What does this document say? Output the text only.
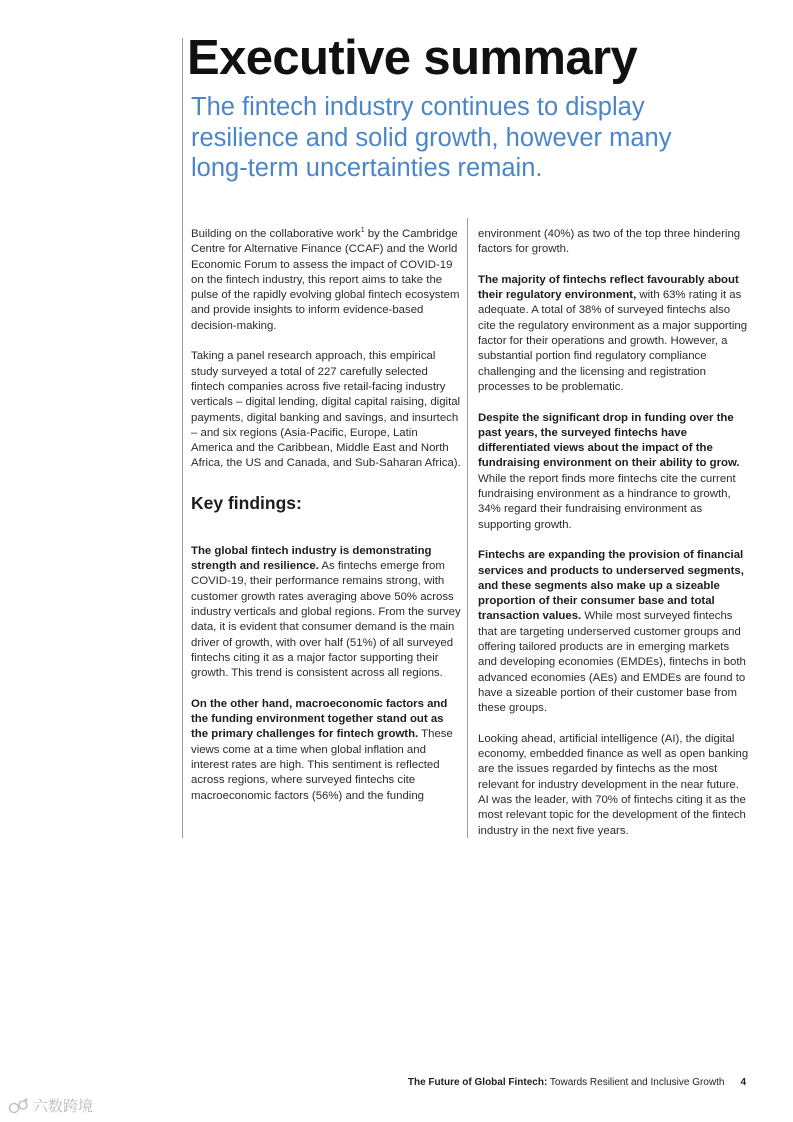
Executive summary
The fintech industry continues to display resilience and solid growth, however many long-term uncertainties remain.

Building on the collaborative work$^1$ by the Cambridge Centre for Alternative Finance (CCAF) and the World Economic Forum to assess the impact of COVID-19 on the fintech industry, this report aims to take the pulse of the rapidly evolving global fintech ecosystem and provide insights to inform evidence-based decision-making.

Taking a panel research approach, this empirical study surveyed a total of 227 carefully selected fintech companies across five retail-facing industry verticals – digital lending, digital capital raising, digital payments, digital banking and savings, and insurtech – and six regions (Asia-Pacific, Europe, Latin America and the Caribbean, Middle East and North Africa, the US and Canada, and Sub-Saharan Africa).

Key findings:

The global fintech industry is demonstrating strength and resilience. As fintechs emerge from COVID-19, their performance remains strong, with customer growth rates averaging above 50% across industry verticals and global regions. From the survey data, it is evident that consumer demand is the main driver of growth, with over half (51%) of all surveyed fintechs citing it as a major factor supporting their growth. This trend is consistent across all regions.

On the other hand, macroeconomic factors and the funding environment together stand out as the primary challenges for fintech growth. These views come at a time when global inflation and interest rates are high. This sentiment is reflected across regions, where surveyed fintechs cite macroeconomic factors (56%) and the funding

environment (40%) as two of the top three hindering factors for growth.

The majority of fintechs reflect favourably about their regulatory environment, with 63% rating it as adequate. A total of 38% of surveyed fintechs also cite the regulatory environment as a major supporting factor for their operations and growth. However, a substantial portion find regulatory compliance challenging and the licensing and registration processes to be problematic.

Despite the significant drop in funding over the past years, the surveyed fintechs have differentiated views about the impact of the fundraising environment on their ability to grow. While the report finds more fintechs cite the current fundraising environment as a hindrance to growth, 34% regard their fundraising environment as supporting growth.

Fintechs are expanding the provision of financial services and products to underserved segments, and these segments also make up a sizeable proportion of their consumer base and total transaction values. While most surveyed fintechs that are targeting underserved customer groups and offering tailored products are in emerging markets and developing economies (EMDEs), fintechs in both advanced economies (AEs) and EMDEs are found to have a sizeable portion of their customer base from these groups.

Looking ahead, artificial intelligence (AI), the digital economy, embedded finance as well as open banking are the issues regarded by fintechs as the most relevant for industry development in the near future. AI was the leader, with 70% of fintechs citing it as the most relevant topic for the development of the fintech industry in the next five years.

The Future of Global Fintech: Towards Resilient and Inclusive Growth 4
六数跨境
